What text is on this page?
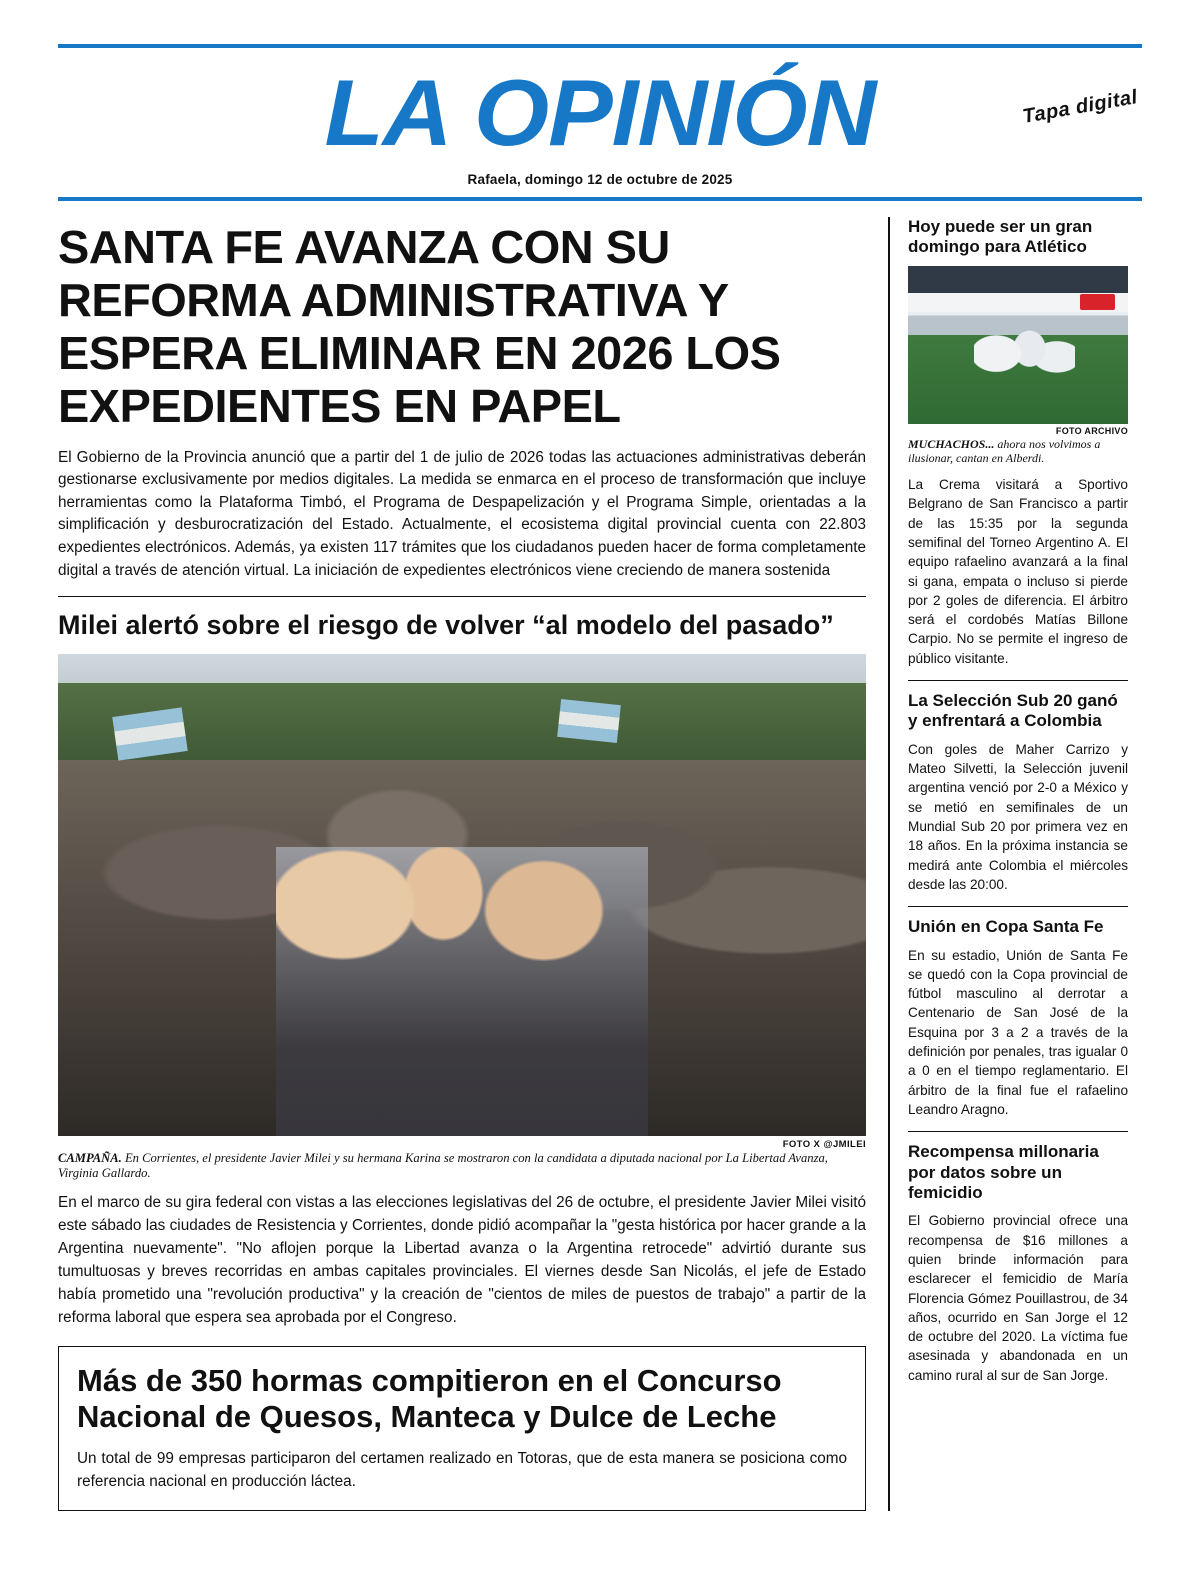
LA OPINIÓN	Tapa digital
Rafaela, domingo 12 de octubre de 2025
SANTA FE AVANZA CON SU REFORMA ADMINISTRATIVA Y ESPERA ELIMINAR EN 2026 LOS EXPEDIENTES EN PAPEL

El Gobierno de la Provincia anunció que a partir del 1 de julio de 2026 todas las actuaciones administrativas deberán gestionarse exclusivamente por medios digitales. La medida se enmarca en el proceso de transformación que incluye herramientas como la Plataforma Timbó, el Programa de Despapelización y el Programa Simple, orientadas a la simplificación y desburocratización del Estado. Actualmente, el ecosistema digital provincial cuenta con 22.803 expedientes electrónicos. Además, ya existen 117 trámites que los ciudadanos pueden hacer de forma completamente digital a través de atención virtual. La iniciación de expedientes electrónicos viene creciendo de manera sostenida

Milei alertó sobre el riesgo de volver “al modelo del pasado”
FOTO X @JMILEI

CAMPAÑA. En Corrientes, el presidente Javier Milei y su hermana Karina se mostraron con la candidata a diputada nacional por La Libertad Avanza, Virginia Gallardo.

En el marco de su gira federal con vistas a las elecciones legislativas del 26 de octubre, el presidente Javier Milei visitó este sábado las ciudades de Resistencia y Corrientes, donde pidió acompañar la "gesta histórica por hacer grande a la Argentina nuevamente". "No aflojen porque la Libertad avanza o la Argentina retrocede" advirtió durante sus tumultuosas y breves recorridas en ambas capitales provinciales. El viernes desde San Nicolás, el jefe de Estado había prometido una "revolución productiva" y la creación de "cientos de miles de puestos de trabajo" a partir de la reforma laboral que espera sea aprobada por el Congreso.

Más de 350 hormas compitieron en el Concurso Nacional de Quesos, Manteca y Dulce de Leche

Un total de 99 empresas participaron del certamen realizado en Totoras, que de esta manera se posiciona como referencia nacional en producción láctea.

Hoy puede ser un gran domingo para Atlético
FOTO ARCHIVO

MUCHACHOS... ahora nos volvimos a ilusionar, cantan en Alberdi.

La Crema visitará a Sportivo Belgrano de San Francisco a partir de las 15:35 por la segunda semifinal del Torneo Argentino A. El equipo rafaelino avanzará a la final si gana, empata o incluso si pierde por 2 goles de diferencia. El árbitro será el cordobés Matías Billone Carpio. No se permite el ingreso de público visitante.

La Selección Sub 20 ganó y enfrentará a Colombia

Con goles de Maher Carrizo y Mateo Silvetti, la Selección juvenil argentina venció por 2-0 a México y se metió en semifinales de un Mundial Sub 20 por primera vez en 18 años. En la próxima instancia se medirá ante Colombia el miércoles desde las 20:00.

Unión en Copa Santa Fe

En su estadio, Unión de Santa Fe se quedó con la Copa provincial de fútbol masculino al derrotar a Centenario de San José de la Esquina por 3 a 2 a través de la definición por penales, tras igualar 0 a 0 en el tiempo reglamentario. El árbitro de la final fue el rafaelino Leandro Aragno.

Recompensa millonaria por datos sobre un femicidio

El Gobierno provincial ofrece una recompensa de $16 millones a quien brinde información para esclarecer el femicidio de María Florencia Gómez Pouillastrou, de 34 años, ocurrido en San Jorge el 12 de octubre del 2020. La víctima fue asesinada y abandonada en un camino rural al sur de San Jorge.
